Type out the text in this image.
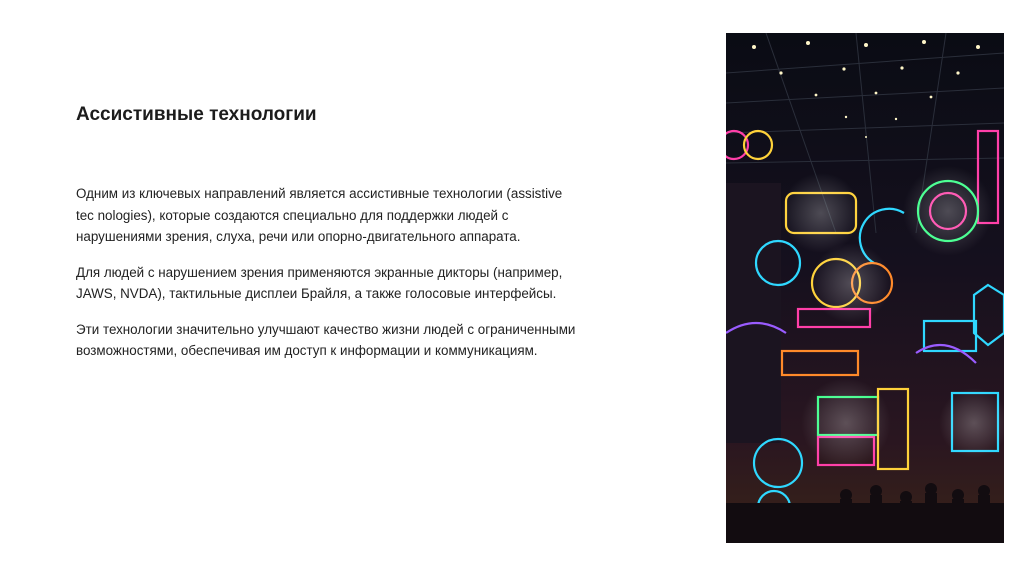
Ассистивные технологии

Одним из ключевых направлений является ассистивные технологии (assistive tec nologies), которые создаются специально для поддержки людей с нарушениями зрения, слуха, речи или опорно-двигательного аппарата.

Для людей с нарушением зрения применяются экранные дикторы (например, JAWS, NVDA), тактильные дисплеи Брайля, а также голосовые интерфейсы.

Эти технологии значительно улучшают качество жизни людей с ограниченными возможностями, обеспечивая им доступ к информации и коммуникациям.
